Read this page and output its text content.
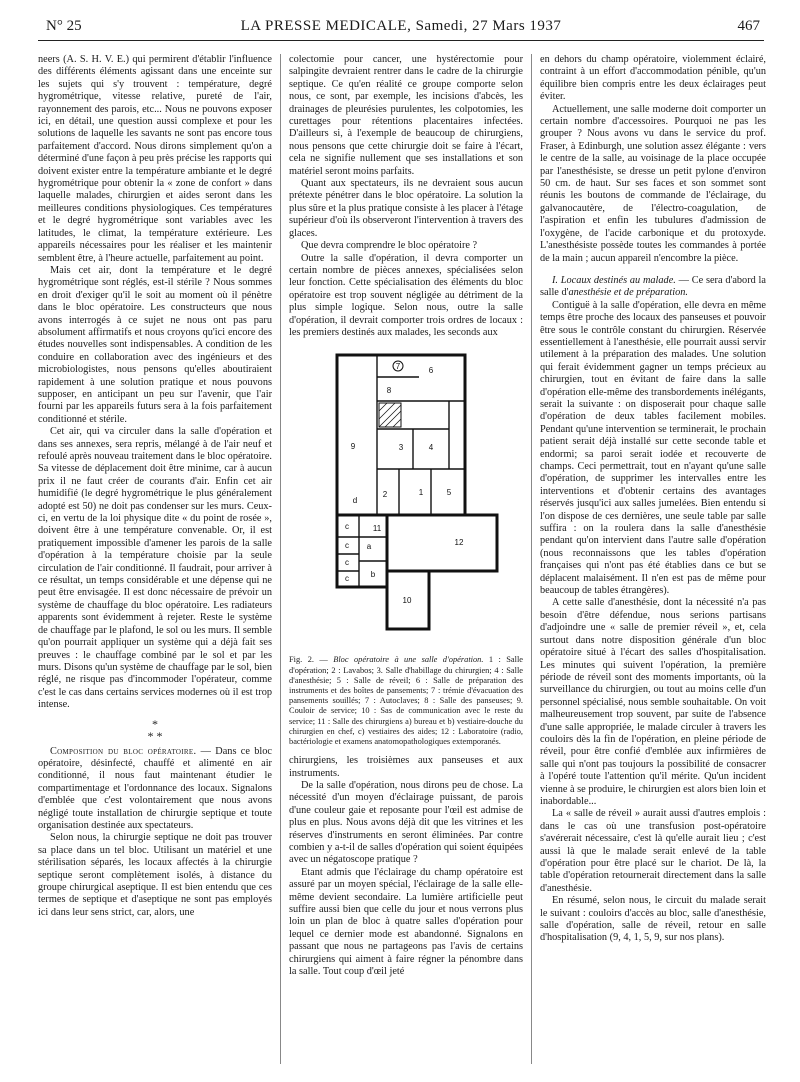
N° 25	LA PRESSE MEDICALE, Samedi, 27 Mars 1937	467

neers (A. S. H. V. E.) qui permirent d'établir l'influence des différents éléments agissant dans une enceinte sur les sujets qui s'y trouvent : température, degré hygrométrique, vitesse relative, pureté de l'air, rayonnement des parois, etc... Nous ne pouvons exposer ici, en détail, une question aussi complexe et pour les solutions de laquelle les savants ne sont pas encore tous parfaitement d'accord. Nous dirons simplement qu'on a déterminé d'une façon à peu près précise les rapports qui doivent exister entre la température ambiante et le degré hygrométrique pour obtenir la « zone de confort » dans laquelle malades, chirurgien et aides seront dans les meilleures conditions physiologiques. Ces températures et le degré hygrométrique sont variables avec les latitudes, le climat, la température extérieure. Les appareils nécessaires pour les réaliser et les maintenir semblent être, à l'heure actuelle, parfaitement au point.

Mais cet air, dont la température et le degré hygrométrique sont réglés, est-il stérile ? Nous sommes en droit d'exiger qu'il le soit au moment où il pénètre dans le bloc opératoire. Les constructeurs que nous avons interrogés à ce sujet ne nous ont pas paru absolument affirmatifs et nous croyons qu'ici encore des études nouvelles sont indispensables. A condition de les conduire en collaboration avec des ingénieurs et des microbiologistes, nous pensons qu'elles aboutiraient rapidement à une solution pratique et nous pouvons supposer, en anticipant un peu sur l'avenir, que l'air fourni par les appareils futurs sera à la fois parfaitement conditionné et stérile.

Cet air, qui va circuler dans la salle d'opération et dans ses annexes, sera repris, mélangé à de l'air neuf et refoulé après nouveau traitement dans le bloc opératoire. Sa vitesse de déplacement doit être minime, car à aucun prix il ne faut créer de courants d'air. Enfin cet air humidifié (le degré hygrométrique le plus généralement adopté est 50) ne doit pas condenser sur les murs. Ceux-ci, en vertu de la loi physique dite « du point de rosée », doivent être à une température convenable. Or, il est pratiquement impossible d'amener les parois de la salle d'opération à la température choisie par la seule circulation de l'air conditionné. Il faudrait, pour arriver à ce résultat, un temps considérable et une dépense qui ne peut être envisagée. Il est donc nécessaire de prévoir un système de chauffage du bloc opératoire. Les radiateurs apparents sont évidemment à rejeter. Reste le système de chauffage par le plafond, le sol ou les murs. Il semble qu'on pourrait appliquer un système qui a déjà fait ses preuves : le chauffage combiné par le sol et par les murs. Disons qu'un système de chauffage par le sol, bien réglé, ne risque pas d'incommoder l'opérateur, comme c'est le cas dans certains services modernes où il est trop intense.

*
* *

Composition du bloc opératoire. — Dans ce bloc opératoire, désinfecté, chauffé et alimenté en air conditionné, il nous faut maintenant étudier le compartimentage et l'ordonnance des locaux. Signalons d'emblée que c'est volontairement que nous avons négligé toute installation de chirurgie septique et toute organisation destinée aux spectateurs.

Selon nous, la chirurgie septique ne doit pas trouver sa place dans un tel bloc. Utilisant un matériel et une stérilisation séparés, les locaux affectés à la chirurgie septique seront complètement isolés, à distance du groupe chirurgical aseptique. Il est bien entendu que ces termes de septique et d'aseptique ne sont pas employés ici dans leur sens strict, car, alors, une

colectomie pour cancer, une hystérectomie pour salpingite devraient rentrer dans le cadre de la chirurgie septique. Ce qu'en réalité ce groupe comporte selon nous, ce sont, par exemple, les incisions d'abcès, les drainages de pleurésies purulentes, les colpotomies, les curettages pour rétentions placentaires infectées. D'ailleurs si, à l'exemple de beaucoup de chirurgiens, nous pensons que cette chirurgie doit se faire à l'écart, cela ne signifie nullement que ses installations et son matériel seront moins parfaits.

Quant aux spectateurs, ils ne devraient sous aucun prétexte pénétrer dans le bloc opératoire. La solution la plus sûre et la plus pratique consiste à les placer à l'étage supérieur d'où ils observeront l'intervention à travers des glaces.

Que devra comprendre le bloc opératoire ?

Outre la salle d'opération, il devra comporter un certain nombre de pièces annexes, spécialisées selon leur fonction. Cette spécialisation des éléments du bloc opératoire est trop souvent négligée au détriment de la plus simple logique. Selon nous, outre la salle d'opération, il devrait comporter trois ordres de locaux : les premiers destinés aux malades, les seconds aux

7
1
2
3	4
5
6
8
9
10
11
12
a
b
c
c
c
c
d
Fig. 2. — Bloc opératoire à une salle d'opération. 1 : Salle d'opération; 2 : Lavabos; 3. Salle d'habillage du chirurgien; 4 : Salle d'anesthésie; 5 : Salle de réveil; 6 : Salle de préparation des instruments et des boîtes de pansements; 7 : trémie d'évacuation des pansements souillés; 7 : Autoclaves; 8 : Salle des panseuses; 9. Couloir de service; 10 : Sas de communication avec le reste du service; 11 : Salle des chirurgiens a) bureau et b) vestiaire-douche du chirurgien en chef, c) vestiaires des aides; 12 : Laboratoire (radio, bactériologie et examens anatomopathologiques extemporanés.

chirurgiens, les troisièmes aux panseuses et aux instruments.

De la salle d'opération, nous dirons peu de chose. La nécessité d'un moyen d'éclairage puissant, de parois d'une couleur gaie et reposante pour l'œil est admise de plus en plus. Nous avons déjà dit que les vitrines et les réserves d'instruments en seront éliminées. Par contre combien y a-t-il de salles d'opération qui soient équipées avec un négatoscope pratique ?

Etant admis que l'éclairage du champ opératoire est assuré par un moyen spécial, l'éclairage de la salle elle-même devient secondaire. La lumière artificielle peut suffire aussi bien que celle du jour et nous verrons plus loin un plan de bloc à quatre salles d'opération pour lequel ce dernier mode est abandonné. Signalons en passant que nous ne partageons pas l'avis de certains chirurgiens qui aiment à faire régner la pénombre dans la salle. Tout coup d'œil jeté

en dehors du champ opératoire, violemment éclairé, contraint à un effort d'accommodation pénible, qu'un équilibre bien compris entre les deux éclairages peut éviter.

Actuellement, une salle moderne doit comporter un certain nombre d'accessoires. Pourquoi ne pas les grouper ? Nous avons vu dans le service du prof. Fraser, à Edinburgh, une solution assez élégante : vers le centre de la salle, au voisinage de la place occupée par l'anesthésiste, se dresse un petit pylone d'environ 50 cm. de haut. Sur ses faces et son sommet sont réunis les boutons de commande de l'éclairage, du galvanocautère, de l'électro-coagulation, de l'aspiration et enfin les tubulures d'admission de l'oxygène, de l'acide carbonique et du protoxyde. L'anesthésiste possède toutes les commandes à portée de la main ; aucun appareil n'encombre la pièce.

I. Locaux destinés au malade. — Ce sera d'abord la salle d'anesthésie et de préparation.

Contiguë à la salle d'opération, elle devra en même temps être proche des locaux des panseuses et pouvoir être sous le contrôle constant du chirurgien. Réservée essentiellement à l'anesthésie, elle pourrait aussi servir utilement à la préparation des malades. Une solution qui ferait évidemment gagner un temps précieux au chirurgien, tout en évitant de faire dans la salle d'opération elle-même des transbordements inélégants, serait la suivante : on disposerait pour chaque salle d'opération de deux tables facilement mobiles. Pendant qu'une intervention se terminerait, le prochain patient serait déjà installé sur cette seconde table et endormi; sa paroi serait iodée et recouverte de champs. Ceci permettrait, tout en n'ayant qu'une salle d'opération, de supprimer les intervalles entre les interventions et d'obtenir certains des avantages réservés jusqu'ici aux salles jumelées. Bien entendu si l'on dispose de ces dernières, une seule table par salle suffira : on la roulera dans la salle d'anesthésie pendant qu'on intervient dans l'autre salle d'opération (nous reconnaissons que les tables d'opération françaises qui n'ont pas été établies dans ce but se déplacent malaisément. Il n'en est pas de même pour beaucoup de tables étrangères).

A cette salle d'anesthésie, dont la nécessité n'a pas besoin d'être défendue, nous serions partisans d'adjoindre une « salle de premier réveil », et, cela surtout dans notre disposition générale d'un bloc opératoire situé à l'écart des salles d'hospitalisation. Les minutes qui suivent l'opération, la première période de réveil sont des moments importants, où la surveillance du chirurgien, ou tout au moins celle d'un personnel spécialisé, nous semble souhaitable. On voit malheureusement trop souvent, par suite de l'absence d'une salle appropriée, le malade circuler à travers les couloirs dès la fin de l'opération, en pleine période de réveil, pour être confié d'emblée aux infirmières de salle qui n'ont pas toujours la possibilité de consacrer à l'opéré toute l'attention qu'il mérite. Qu'un incident vienne à se produire, le chirurgien est alors bien loin et inabordable...

La « salle de réveil » aurait aussi d'autres emplois : dans le cas où une transfusion post-opératoire s'avérerait nécessaire, c'est là qu'elle aurait lieu ; c'est aussi là que le malade serait enlevé de la table d'opération pour être placé sur le chariot. De là, la table d'opération retournerait directement dans la salle d'anesthésie.

En résumé, selon nous, le circuit du malade serait le suivant : couloirs d'accès au bloc, salle d'anesthésie, salle d'opération, salle de réveil, retour en salle d'hospitalisation (9, 4, 1, 5, 9, sur nos plans).
